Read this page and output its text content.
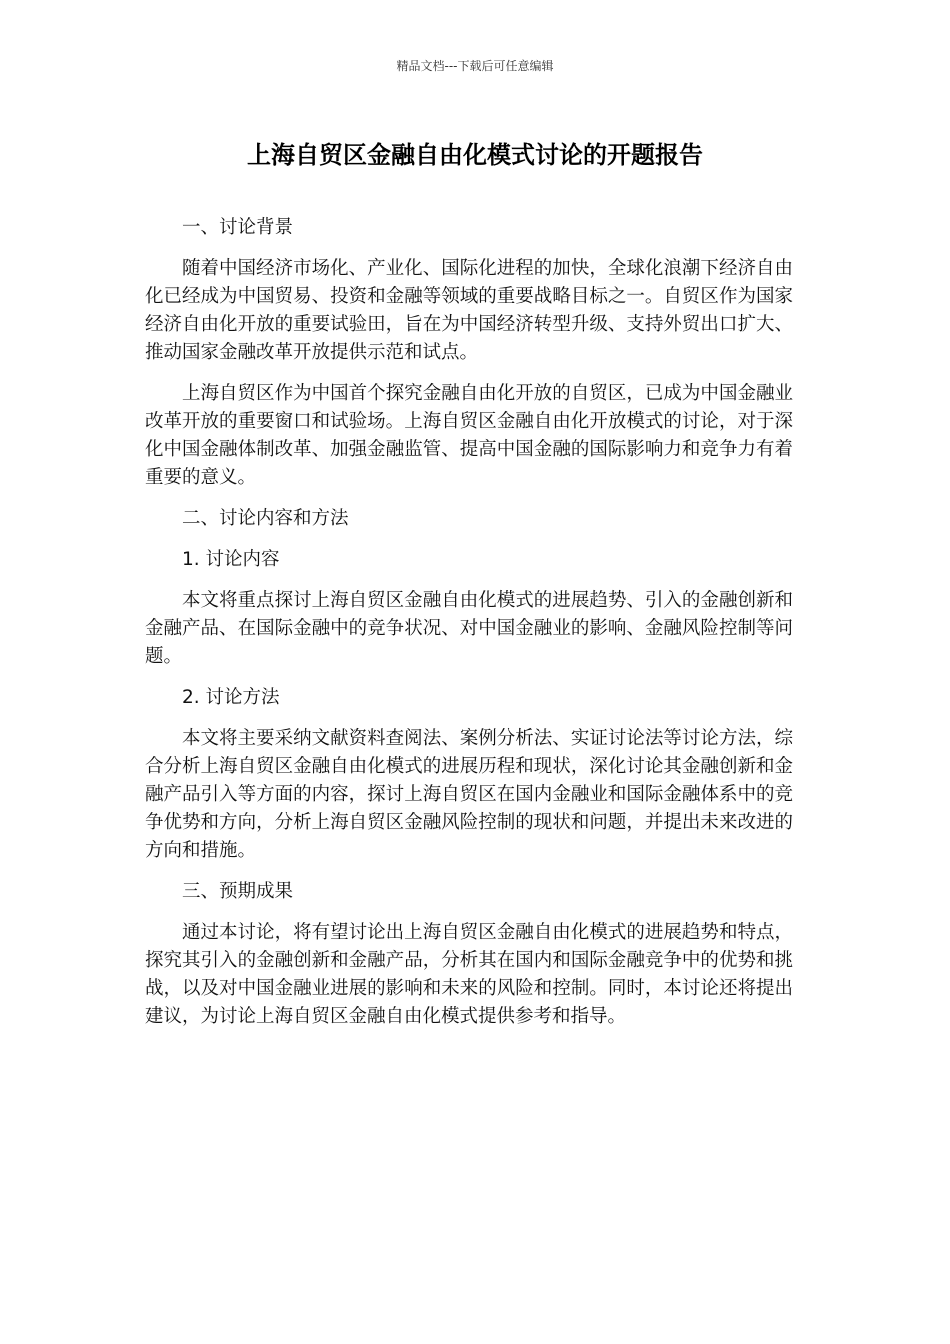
精品文档---下载后可任意编辑
上海自贸区金融自由化模式讨论的开题报告

一、讨论背景

随着中国经济市场化、产业化、国际化进程的加快，全球化浪潮下经济自由化已经成为中国贸易、投资和金融等领域的重要战略目标之一。自贸区作为国家经济自由化开放的重要试验田，旨在为中国经济转型升级、支持外贸出口扩大、推动国家金融改革开放提供示范和试点。

上海自贸区作为中国首个探究金融自由化开放的自贸区，已成为中国金融业改革开放的重要窗口和试验场。上海自贸区金融自由化开放模式的讨论，对于深化中国金融体制改革、加强金融监管、提高中国金融的国际影响力和竞争力有着重要的意义。

二、讨论内容和方法

1. 讨论内容

本文将重点探讨上海自贸区金融自由化模式的进展趋势、引入的金融创新和金融产品、在国际金融中的竞争状况、对中国金融业的影响、金融风险控制等问题。

2. 讨论方法

本文将主要采纳文献资料查阅法、案例分析法、实证讨论法等讨论方法，综合分析上海自贸区金融自由化模式的进展历程和现状，深化讨论其金融创新和金融产品引入等方面的内容，探讨上海自贸区在国内金融业和国际金融体系中的竞争优势和方向，分析上海自贸区金融风险控制的现状和问题，并提出未来改进的方向和措施。

三、预期成果

通过本讨论，将有望讨论出上海自贸区金融自由化模式的进展趋势和特点，探究其引入的金融创新和金融产品，分析其在国内和国际金融竞争中的优势和挑战，以及对中国金融业进展的影响和未来的风险和控制。同时，本讨论还将提出建议，为讨论上海自贸区金融自由化模式提供参考和指导。
